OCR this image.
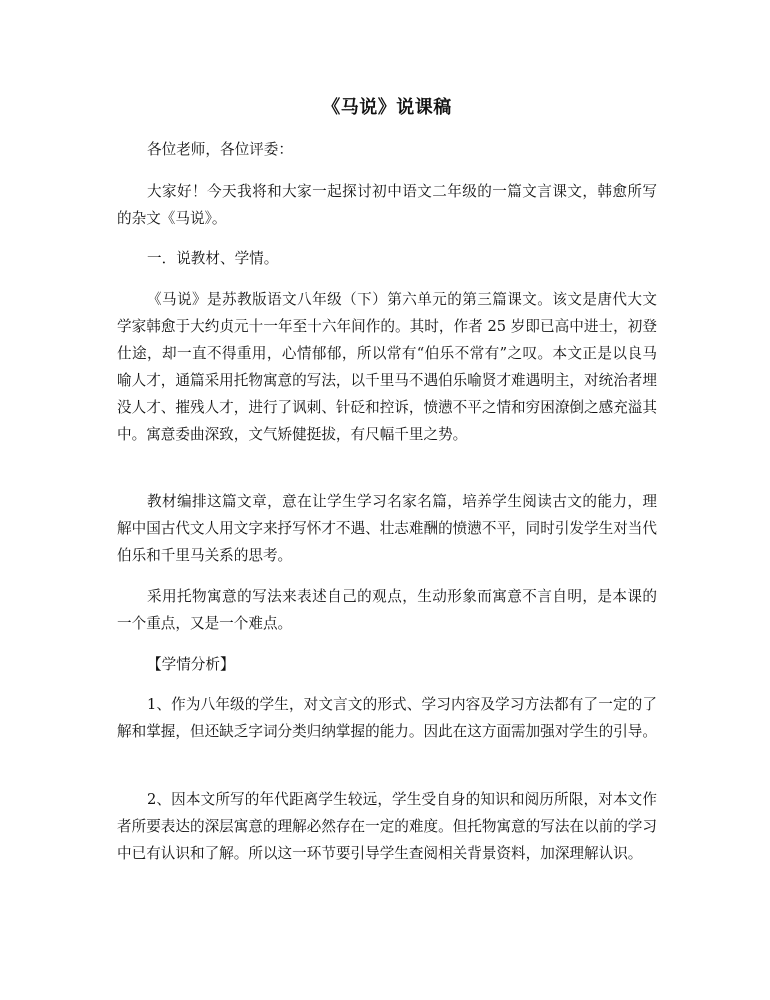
《马说》说课稿

各位老师，各位评委：

大家好！今天我将和大家一起探讨初中语文二年级的一篇文言课文，韩愈所写的杂文《马说》。

一．说教材、学情。

《马说》是苏教版语文八年级（下）第六单元的第三篇课文。该文是唐代大文学家韩愈于大约贞元十一年至十六年间作的。其时，作者 25 岁即已高中进士，初登仕途，却一直不得重用，心情郁郁，所以常有“伯乐不常有”之叹。本文正是以良马喻人才，通篇采用托物寓意的写法，以千里马不遇伯乐喻贤才难遇明主，对统治者埋没人才、摧残人才，进行了讽刺、针砭和控诉，愤懑不平之情和穷困潦倒之感充溢其中。寓意委曲深致，文气矫健挺拔，有尺幅千里之势。

教材编排这篇文章，意在让学生学习名家名篇，培养学生阅读古文的能力，理解中国古代文人用文字来抒写怀才不遇、壮志难酬的愤懑不平，同时引发学生对当代伯乐和千里马关系的思考。

采用托物寓意的写法来表述自己的观点，生动形象而寓意不言自明，是本课的一个重点，又是一个难点。

【学情分析】

1、作为八年级的学生，对文言文的形式、学习内容及学习方法都有了一定的了解和掌握，但还缺乏字词分类归纳掌握的能力。因此在这方面需加强对学生的引导。

2、因本文所写的年代距离学生较远，学生受自身的知识和阅历所限，对本文作者所要表达的深层寓意的理解必然存在一定的难度。但托物寓意的写法在以前的学习中已有认识和了解。所以这一环节要引导学生查阅相关背景资料，加深理解认识。
